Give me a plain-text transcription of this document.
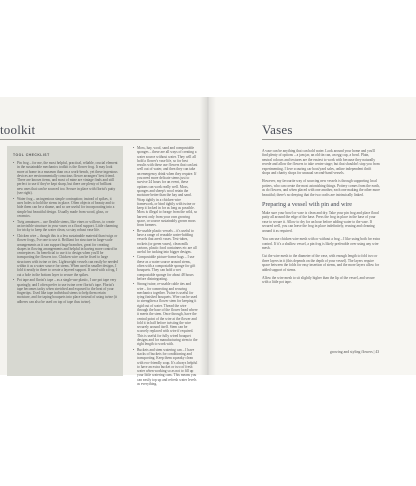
toolkit
TOOL CHECKLIST
• Pin frog – for me, the most helpful, practical, reliable, crucial element in the sustainable mechanics toolkit is the flower frog. It may look more at home in a museum than on a work-bench, yet these ingenious devices are environmentally conscious flower arrangers' best friend. There are known items, and most of mine are vintage finds and still perfect to use if they're kept sharp, but there are plenty of brilliant new ones that can be sourced too. Secure in place with florist's putty (see right).
• Water frog – an ingenious simple contraption; instead of spikes, it uses holes to hold the stems in place. Often objects of beauty and to hide them can be a shame, and so are useful for incorporating into a simple but beautiful design. Usually made from wood, glass, or ceramics.
• Twig armatures – use flexible stems, like vines or willows, to create an invisible structure in your vases or a floral support. Little charming for tricky to keep the water clean, so stay robust vase life.
• Chicken wire – though this is a less sustainable material than twigs or flower frogs, I've one to use it. Brilliant for structure in large-scale arrangements as it can support huge branches, great for creating shapes in flowing arrangements and helpful in having more control in centrepieces. Its beneficial to use it to design when you'll be transporting the flowers too. Chicken wire can be fixed to large structures with twine or ties. Lightweight vessels can easily be needed within it as a water source for stems. When used in smaller designs, I fold it neatly in three to create a layered support. If used with a frog, I cut a hole in the bottom layer to secure the spikes.
• Pot tape and florist's tape – as a single-use plastic, I use pot tape very sparingly, and I often prefer to use twine over florist's tape. Florist's tape becomes tacky when stretched and exposed to the heat of your fingertips. Used like tape individual stems to help them retain moisture, and for taping bouquets into place instead of using twine (it adheres can also be used on top of tape thus twine).
• Moss, hay, wool, sand and compostable sponges – these are all ways of creating a water source without water. They will all hold a flower's vase life, so for best results with these use flowers that can last well out of water, and then they can take an emergency drink when they require. If you need more delicate stems just to survive 24 hours for an event, these options can work really well. Moss, sponges and sheep's wool retain the moisture better than the hay and sand. Wrap tightly in a chicken-wire framework, or bind tightly with twine or keep it locked in for as long as possible. Moss is illegal to forage from the wild, so harvest only from your own growing space, or source sustainably grown moss from farmers.
• Re-usable plastic vessels – it's useful to have a range of reusable water-holding vessels that aren't vases. Test-tubes, rockets (or green vases), clean milk cartons, plastic food containers etc are all useful for tucking into bigger designs.
• Compostable picture-frame bags – I use these as a water source around stems, often with a compostable sponge for gift bouquets. They can hold a wet compostable sponge for about 48 hours before disintegrating.
• Strong twine, re-usable cable ties and wire – for connecting and securing mechanics together. Twine is useful for tying finished bouquets. Wire can be used to strengthen a flower stem for keeping it rigid out of water. Thread the wire through the base of the flower head where it meets the stem. Once through, have the central point of the wire at the flower and fold it in half before twisting the wire securely around itself. Stem can be scarcely replaced with wire if required. This is useful for fully wired bouquet designs and for manufacturing stem to the right length to work with.
• Buckets and stem watering can – I have stacks of buckets for conditioning and transporting. Keep them squeaky clean with eco-friendly soap. It's always helpful to have an extra bucket or two of fresh water when working so as not to fill up your little watering cans. This means you can easily top up and refresh water levels as everything.
Vases

A vase can be anything that can hold water. Look around your home and you'll find plenty of options – a jam jar, an old tin can, an egg cup, a bowl. Plain, neutral colours and textures are the easiest to work with because they naturally recede and allow the flowers to take centre stage; but that shouldn't stop you from experimenting. I love scouring car boot/yard sales, online independent thrift shops and charity shops for unusual second-hand vessels.

However, my favourite way of sourcing new vessels is through supporting local potters, who can create the most astonishing things. Pottery comes from the earth, as do flowers, and when placed with one another, each one making the other more beautiful; there's no denying that the two crafts are intrinsically linked.

Preparing a vessel with pin and wire

Make sure your bowl or vase is clean and dry. Take your pin frog and place floral putty all around the edge of the base. Press the frog in place in the base of your vase to secure it. Allow to dry for an hour before adding water to the vase. If secured well, you can leave the frog in place indefinitely, reusing and cleaning around it as required.

You can use chicken wire mesh with or without a frog – I like using both for extra control. If it's a shallow vessel, a pin frog is likely preferable over using any wire mesh.

Cut the wire mesh to the diameter of the vase, with enough length to fold two or three layers in it (this depends on the depth of your vessel). The layers require space between the folds for easy insertion of stems, and the more layers allow for added support of stems.

Allow the wire mesh to sit slightly higher than the lip of the vessel, and secure with a little pot tape.

growing and styling flowers | 43
